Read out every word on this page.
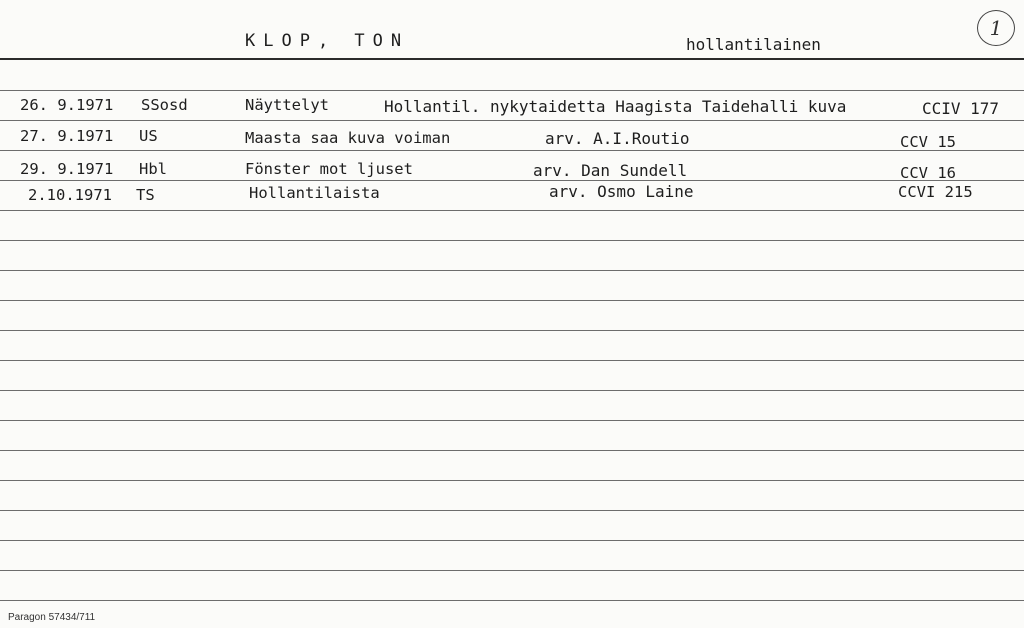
KLOP, TON	hollantilainen
1
26. 9.1971 SSosd	Näyttelyt	Hollantil. nykytaidetta Haagista Taidehalli kuva	CCIV 177
27. 9.1971 US	Maasta saa kuva voiman	arv. A.I.Routio	CCV 15
29. 9.1971 Hbl	Fönster mot ljuset	arv. Dan Sundell	CCV 16
2.10.1971 TS	Hollantilaista	arv. Osmo Laine	CCVI 215
Paragon 57434/711
